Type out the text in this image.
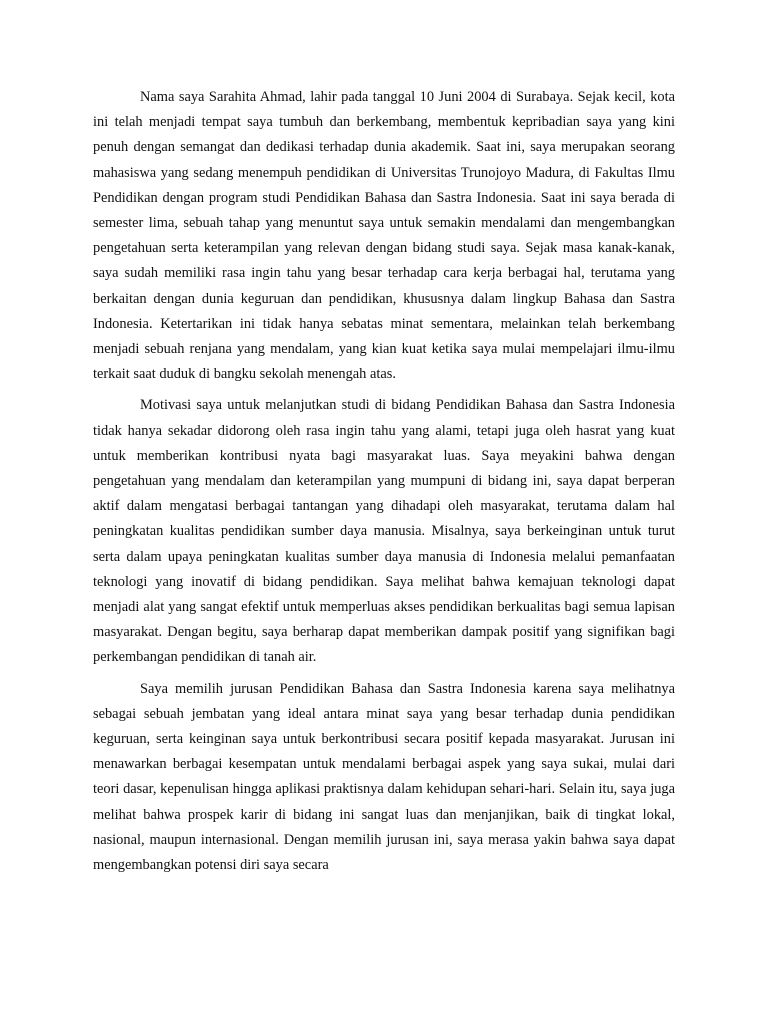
Nama saya Sarahita Ahmad, lahir pada tanggal 10 Juni 2004 di Surabaya. Sejak kecil, kota ini telah menjadi tempat saya tumbuh dan berkembang, membentuk kepribadian saya yang kini penuh dengan semangat dan dedikasi terhadap dunia akademik. Saat ini, saya merupakan seorang mahasiswa yang sedang menempuh pendidikan di Universitas Trunojoyo Madura, di Fakultas Ilmu Pendidikan dengan program studi Pendidikan Bahasa dan Sastra Indonesia. Saat ini saya berada di semester lima, sebuah tahap yang menuntut saya untuk semakin mendalami dan mengembangkan pengetahuan serta keterampilan yang relevan dengan bidang studi saya. Sejak masa kanak-kanak, saya sudah memiliki rasa ingin tahu yang besar terhadap cara kerja berbagai hal, terutama yang berkaitan dengan dunia keguruan dan pendidikan, khususnya dalam lingkup Bahasa dan Sastra Indonesia. Ketertarikan ini tidak hanya sebatas minat sementara, melainkan telah berkembang menjadi sebuah renjana yang mendalam, yang kian kuat ketika saya mulai mempelajari ilmu-ilmu terkait saat duduk di bangku sekolah menengah atas.

Motivasi saya untuk melanjutkan studi di bidang Pendidikan Bahasa dan Sastra Indonesia tidak hanya sekadar didorong oleh rasa ingin tahu yang alami, tetapi juga oleh hasrat yang kuat untuk memberikan kontribusi nyata bagi masyarakat luas. Saya meyakini bahwa dengan pengetahuan yang mendalam dan keterampilan yang mumpuni di bidang ini, saya dapat berperan aktif dalam mengatasi berbagai tantangan yang dihadapi oleh masyarakat, terutama dalam hal peningkatan kualitas pendidikan sumber daya manusia. Misalnya, saya berkeinginan untuk turut serta dalam upaya peningkatan kualitas sumber daya manusia di Indonesia melalui pemanfaatan teknologi yang inovatif di bidang pendidikan. Saya melihat bahwa kemajuan teknologi dapat menjadi alat yang sangat efektif untuk memperluas akses pendidikan berkualitas bagi semua lapisan masyarakat. Dengan begitu, saya berharap dapat memberikan dampak positif yang signifikan bagi perkembangan pendidikan di tanah air.

Saya memilih jurusan Pendidikan Bahasa dan Sastra Indonesia karena saya melihatnya sebagai sebuah jembatan yang ideal antara minat saya yang besar terhadap dunia pendidikan keguruan, serta keinginan saya untuk berkontribusi secara positif kepada masyarakat. Jurusan ini menawarkan berbagai kesempatan untuk mendalami berbagai aspek yang saya sukai, mulai dari teori dasar, kepenulisan hingga aplikasi praktisnya dalam kehidupan sehari-hari. Selain itu, saya juga melihat bahwa prospek karir di bidang ini sangat luas dan menjanjikan, baik di tingkat lokal, nasional, maupun internasional. Dengan memilih jurusan ini, saya merasa yakin bahwa saya dapat mengembangkan potensi diri saya secara
